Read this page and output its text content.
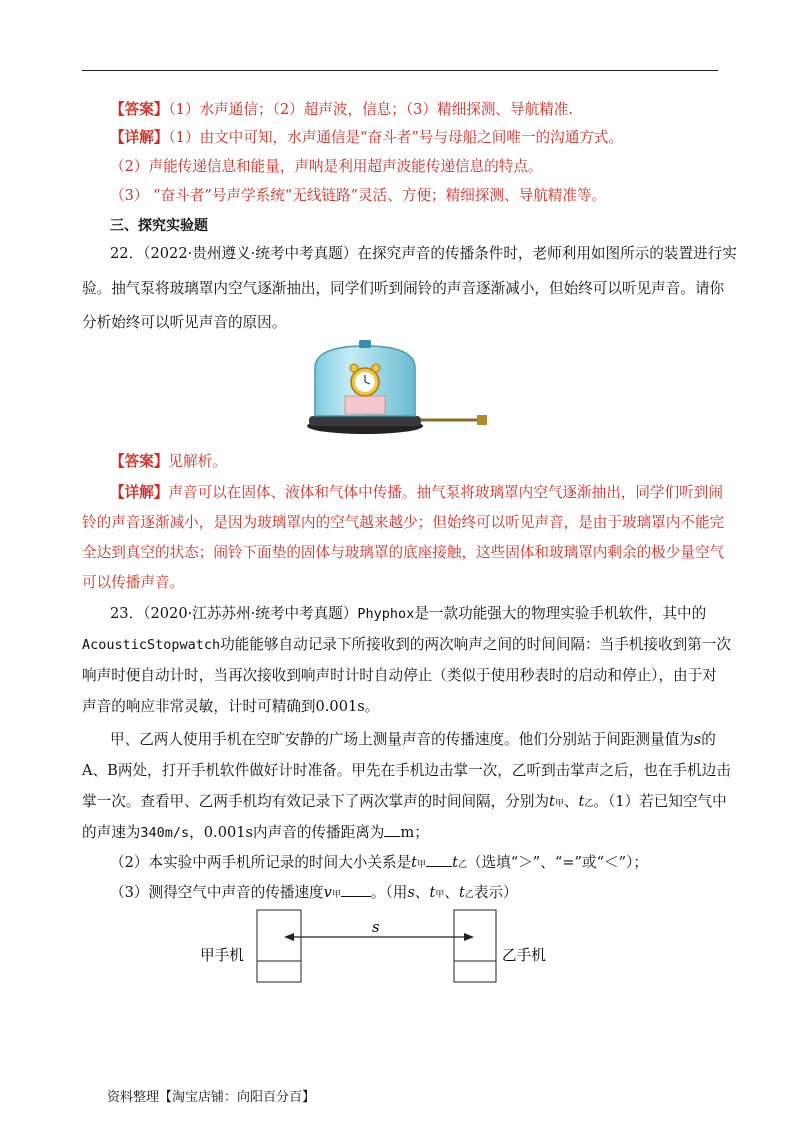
【答案】（1）水声通信；（2）超声波，信息；（3）精细探测、导航精准.
【详解】（1）由文中可知，水声通信是“奋斗者”号与母船之间唯一的沟通方式。
（2）声能传递信息和能量，声呐是利用超声波能传递信息的特点。
（3） “奋斗者”号声学系统“无线链路”灵活、方便；精细探测、导航精准等。
三、探究实验题
22．（2022·贵州遵义·统考中考真题）在探究声音的传播条件时，老师利用如图所示的装置进行实
验。抽气泵将玻璃罩内空气逐渐抽出，同学们听到闹铃的声音逐渐减小，但始终可以听见声音。请你
分析始终可以听见声音的原因。
【答案】见解析。
【详解】声音可以在固体、液体和气体中传播。抽气泵将玻璃罩内空气逐渐抽出，同学们听到闹
铃的声音逐渐减小，是因为玻璃罩内的空气越来越少；但始终可以听见声音，是由于玻璃罩内不能完
全达到真空的状态；闹铃下面垫的固体与玻璃罩的底座接触，这些固体和玻璃罩内剩余的极少量空气
可以传播声音。
23．（2020·江苏苏州·统考中考真题）Phyphox是一款功能强大的物理实验手机软件，其中的
AcousticStopwatch功能能够自动记录下所接收到的两次响声之间的时间间隔：当手机接收到第一次
响声时便自动计时，当再次接收到响声时计时自动停止（类似于使用秒表时的启动和停止），由于对
声音的响应非常灵敏，计时可精确到0.001s。
甲、乙两人使用手机在空旷安静的广场上测量声音的传播速度。他们分别站于间距测量值为s的
A、B两处，打开手机软件做好计时准备。甲先在手机边击掌一次，乙听到击掌声之后，也在手机边击
掌一次。查看甲、乙两手机均有效记录下了两次掌声的时间间隔，分别为t甲、t乙。（1）若已知空气中
的声速为340m/s，0.001s内声音的传播距离为 m；
（2）本实验中两手机所记录的时间大小关系是t甲 t乙（选填“＞”、“=”或“＜”）；
（3）测得空气中声音的传播速度v甲 。（用s、t甲、t乙表示）
甲手机	乙手机
s
资料整理【淘宝店铺：向阳百分百】
